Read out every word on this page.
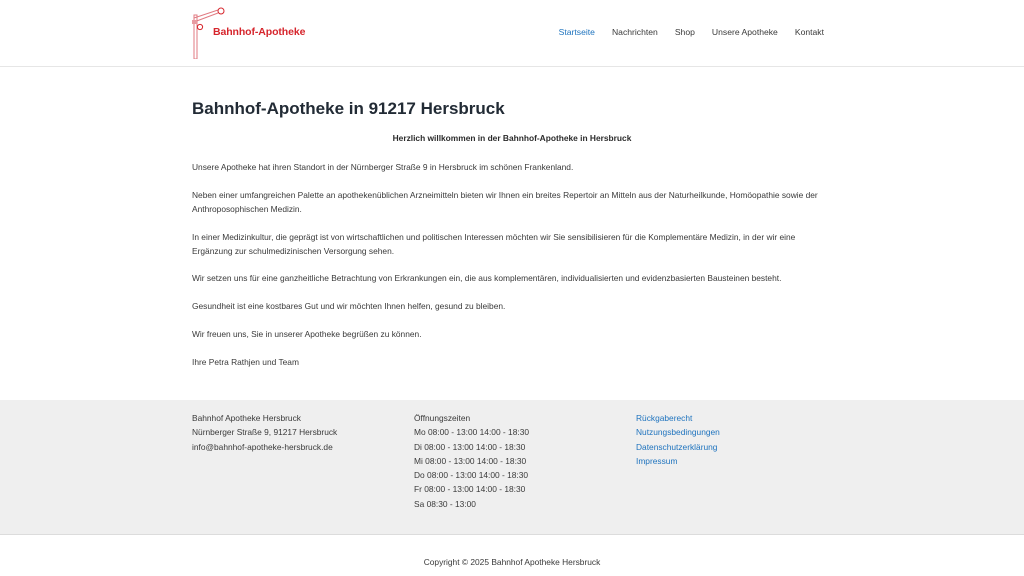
Bahnhof-Apotheke	Startseite Nachrichten Shop Unsere Apotheke Kontakt
Bahnhof-Apotheke in 91217 Hersbruck
Herzlich willkommen in der Bahnhof-Apotheke in Hersbruck

Unsere Apotheke hat ihren Standort in der Nürnberger Straße 9 in Hersbruck im schönen Frankenland.

Neben einer umfangreichen Palette an apothekenüblichen Arzneimitteln bieten wir Ihnen ein breites Repertoir an Mitteln aus der Naturheilkunde, Homöopathie sowie der Anthroposophischen Medizin.

In einer Medizinkultur, die geprägt ist von wirtschaftlichen und politischen Interessen möchten wir Sie sensibilisieren für die Komplementäre Medizin, in der wir eine Ergänzung zur schulmedizinischen Versorgung sehen.

Wir setzen uns für eine ganzheitliche Betrachtung von Erkrankungen ein, die aus komplementären, individualisierten und evidenzbasierten Bausteinen besteht.

Gesundheit ist eine kostbares Gut und wir möchten Ihnen helfen, gesund zu bleiben.

Wir freuen uns, Sie in unserer Apotheke begrüßen zu können.

Ihre Petra Rathjen und Team

Bahnhof Apotheke Hersbruck
Nürnberger Straße 9, 91217 Hersbruck
info@bahnhof-apotheke-hersbruck.de
Öffnungszeiten
Mo 08:00 - 13:00 14:00 - 18:30
Di 08:00 - 13:00 14:00 - 18:30
Mi 08:00 - 13:00 14:00 - 18:30
Do 08:00 - 13:00 14:00 - 18:30
Fr 08:00 - 13:00 14:00 - 18:30
Sa 08:30 - 13:00
Rückgaberecht
Nutzungsbedingungen
Datenschutzerklärung
Impressum
Copyright © 2025 Bahnhof Apotheke Hersbruck
